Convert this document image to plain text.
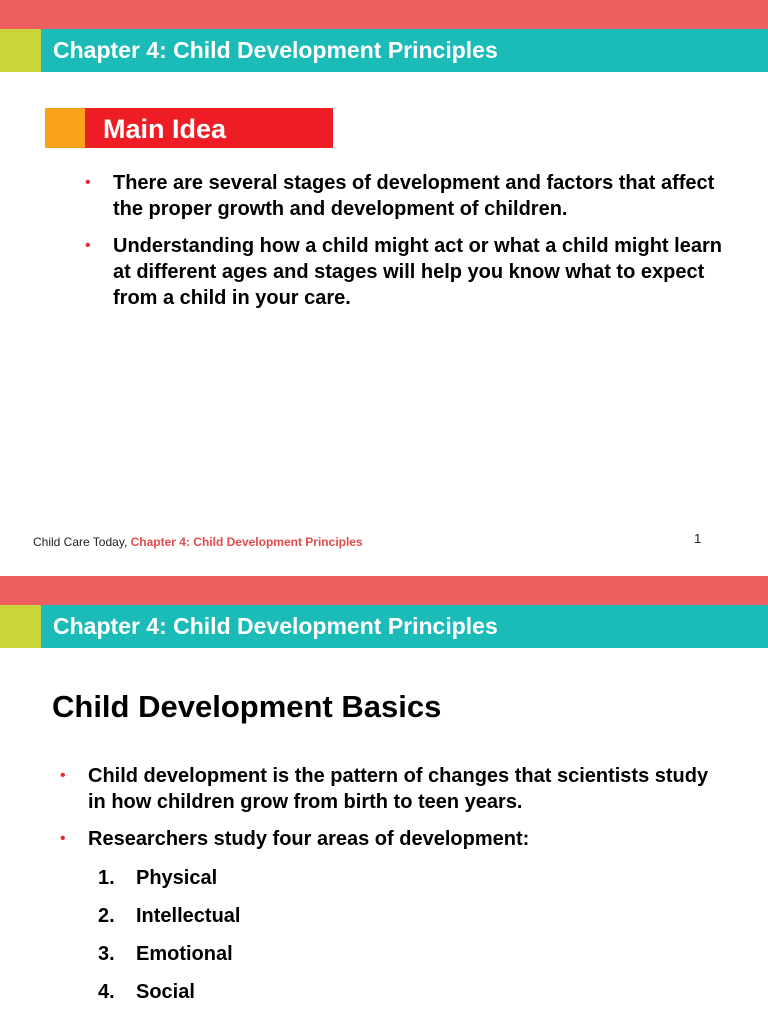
Chapter 4: Child Development Principles
Main Idea
• There are several stages of development and factors that affect the proper growth and development of children.
• Understanding how a child might act or what a child might learn at different ages and stages will help you know what to expect from a child in your care.
Child Care Today, Chapter 4: Child Development Principles	1
Chapter 4: Child Development Principles
Child Development Basics
• Child development is the pattern of changes that scientists study in how children grow from birth to teen years.
• Researchers study four areas of development:
1. Physical
2. Intellectual
3. Emotional
4. Social
